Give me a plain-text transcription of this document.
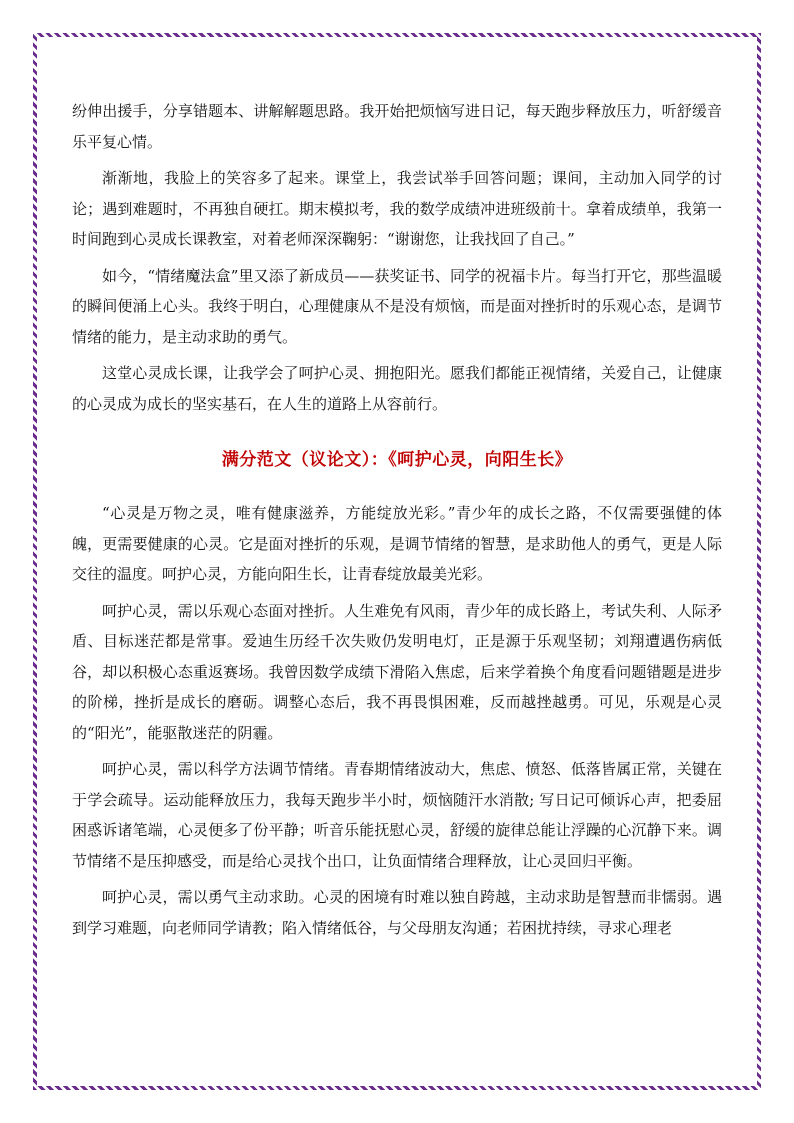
纷伸出援手，分享错题本、讲解解题思路。我开始把烦恼写进日记，每天跑步释放压力，听舒缓音乐平复心情。

渐渐地，我脸上的笑容多了起来。课堂上，我尝试举手回答问题；课间，主动加入同学的讨论；遇到难题时，不再独自硬扛。期末模拟考，我的数学成绩冲进班级前十。拿着成绩单，我第一时间跑到心灵成长课教室，对着老师深深鞠躬：“谢谢您，让我找回了自己。”

如今，“情绪魔法盒”里又添了新成员——获奖证书、同学的祝福卡片。每当打开它，那些温暖的瞬间便涌上心头。我终于明白，心理健康从不是没有烦恼，而是面对挫折时的乐观心态，是调节情绪的能力，是主动求助的勇气。

这堂心灵成长课，让我学会了呵护心灵、拥抱阳光。愿我们都能正视情绪，关爱自己，让健康的心灵成为成长的坚实基石，在人生的道路上从容前行。

满分范文（议论文）：《呵护心灵，向阳生长》

“心灵是万物之灵，唯有健康滋养，方能绽放光彩。”青少年的成长之路，不仅需要强健的体魄，更需要健康的心灵。它是面对挫折的乐观，是调节情绪的智慧，是求助他人的勇气，更是人际交往的温度。呵护心灵，方能向阳生长，让青春绽放最美光彩。

呵护心灵，需以乐观心态面对挫折。人生难免有风雨，青少年的成长路上，考试失利、人际矛盾、目标迷茫都是常事。爱迪生历经千次失败仍发明电灯，正是源于乐观坚韧；刘翔遭遇伤病低谷，却以积极心态重返赛场。我曾因数学成绩下滑陷入焦虑，后来学着换个角度看问题错题是进步的阶梯，挫折是成长的磨砺。调整心态后，我不再畏惧困难，反而越挫越勇。可见，乐观是心灵的“阳光”，能驱散迷茫的阴霾。

呵护心灵，需以科学方法调节情绪。青春期情绪波动大，焦虑、愤怒、低落皆属正常，关键在于学会疏导。运动能释放压力，我每天跑步半小时，烦恼随汗水消散; 写日记可倾诉心声，把委屈困惑诉诸笔端，心灵便多了份平静；听音乐能抚慰心灵，舒缓的旋律总能让浮躁的心沉静下来。调节情绪不是压抑感受，而是给心灵找个出口，让负面情绪合理释放，让心灵回归平衡。

呵护心灵，需以勇气主动求助。心灵的困境有时难以独自跨越，主动求助是智慧而非懦弱。遇到学习难题，向老师同学请教；陷入情绪低谷，与父母朋友沟通；若困扰持续，寻求心理老
